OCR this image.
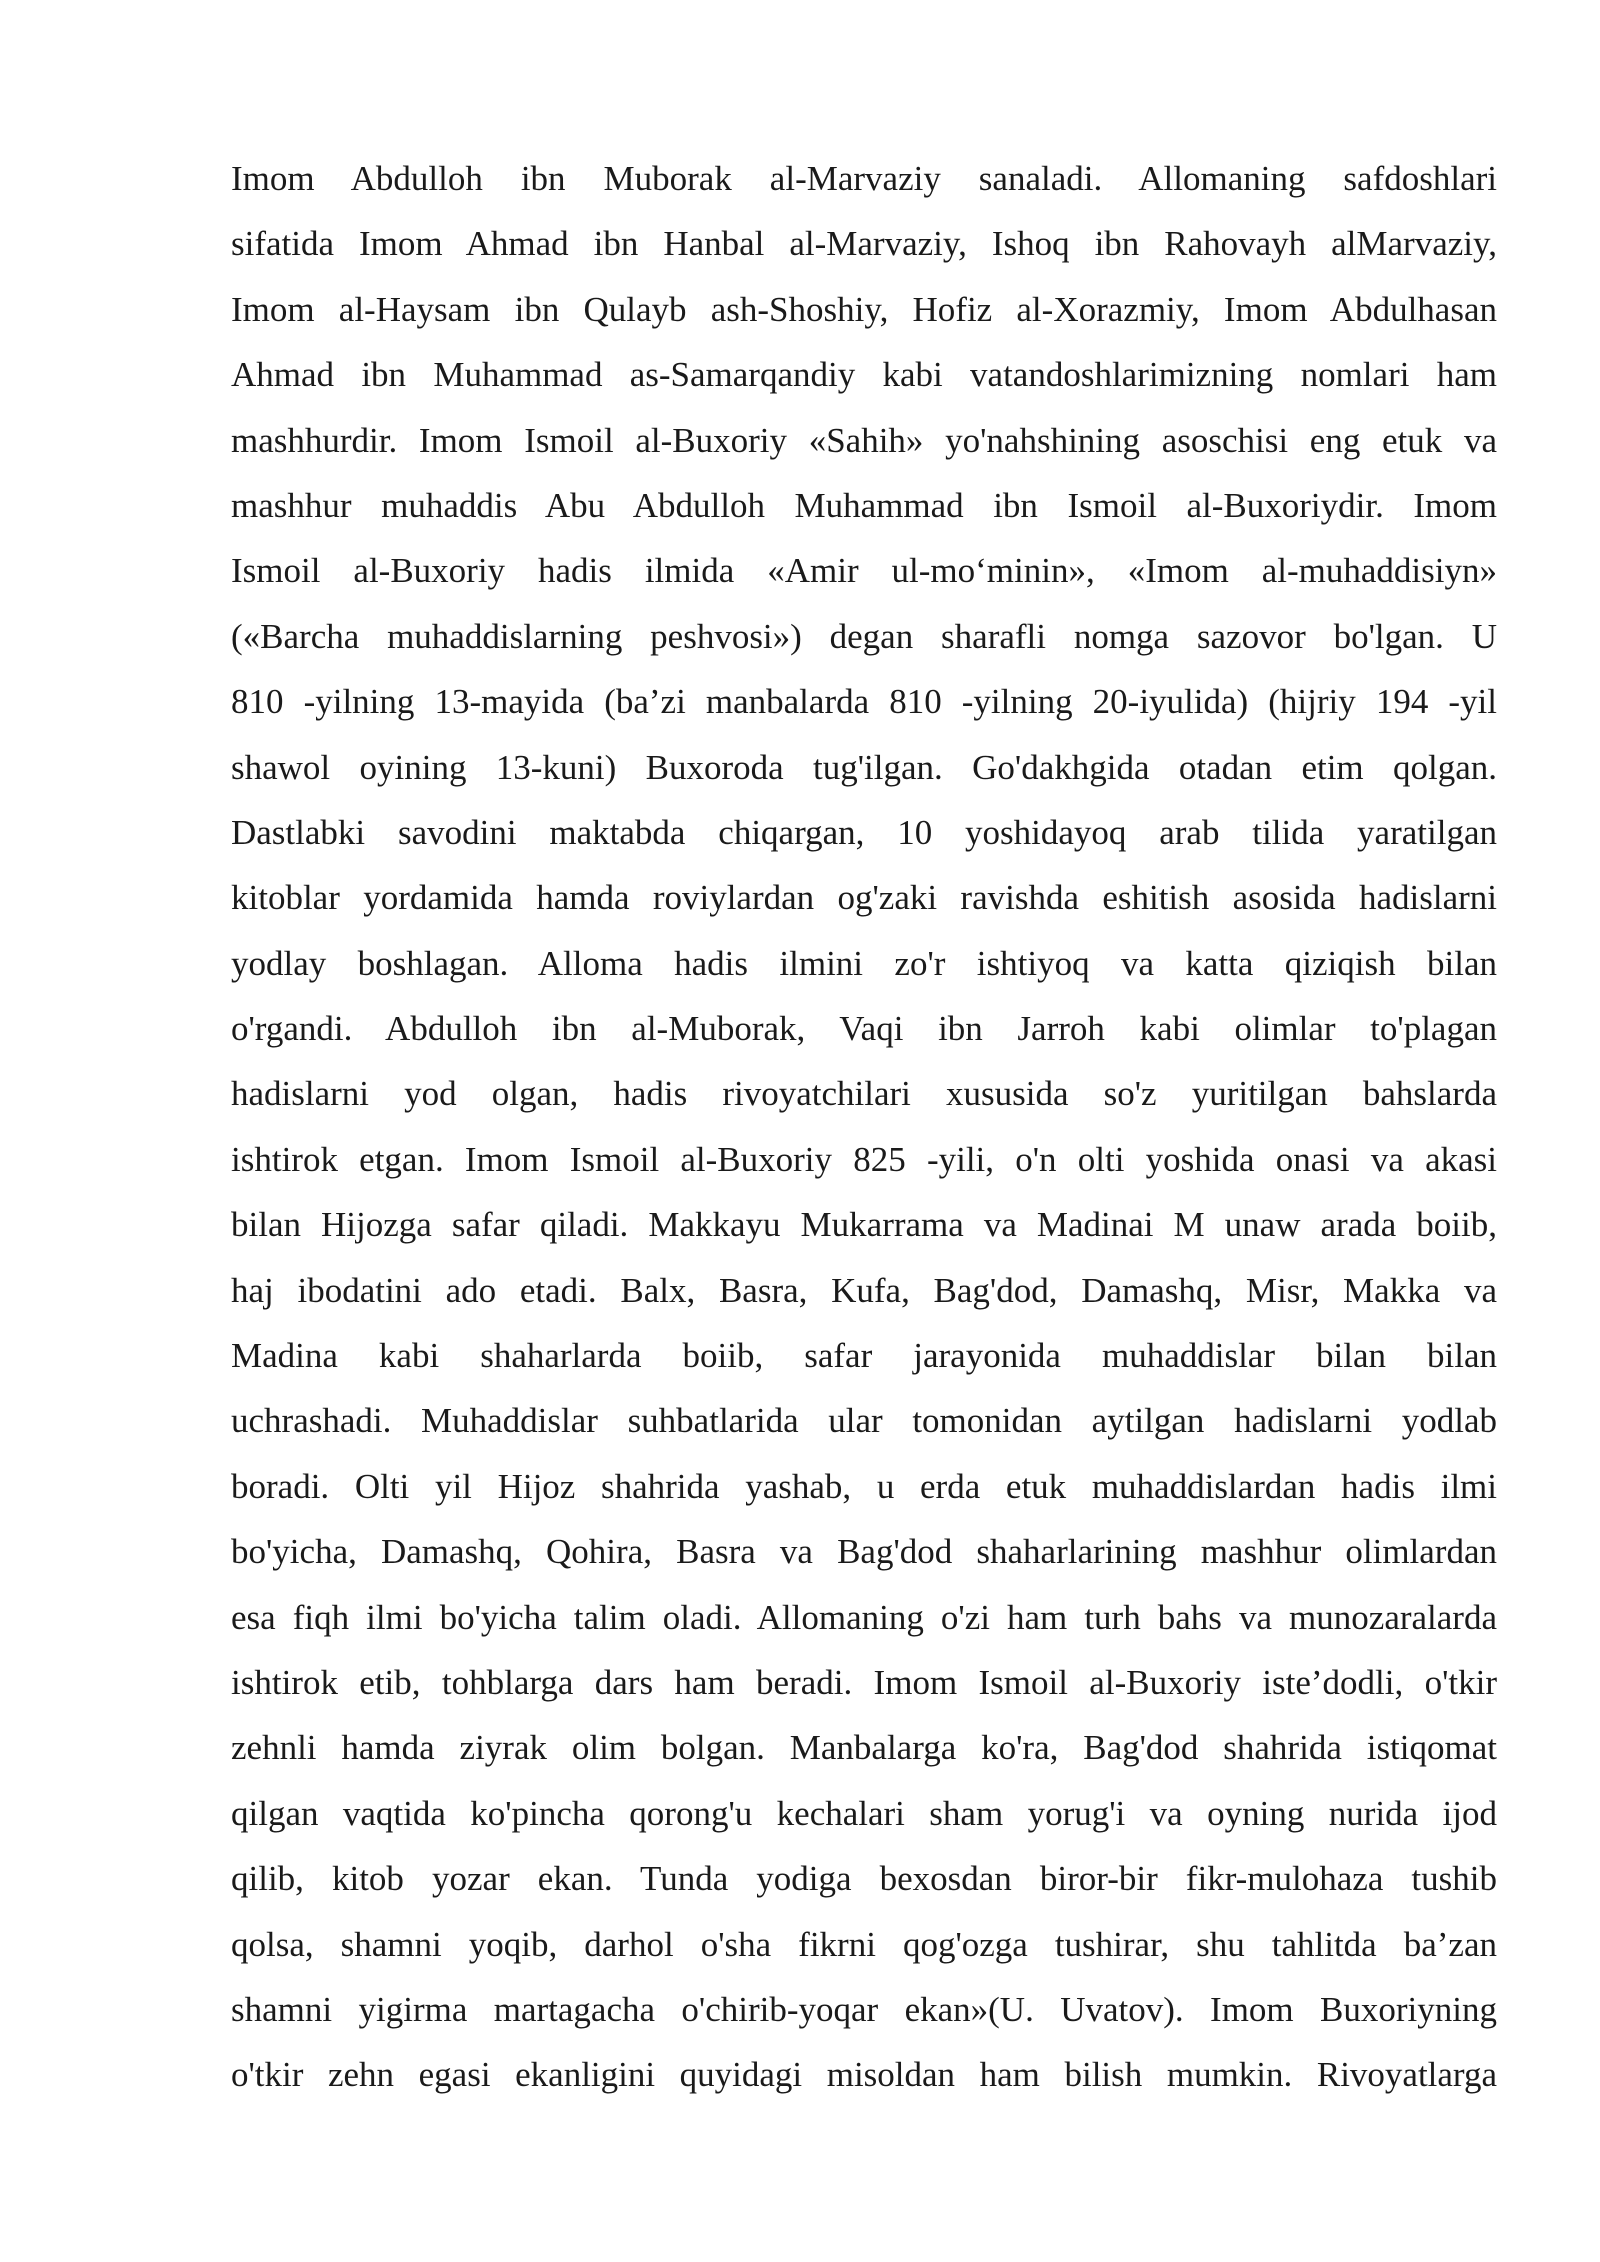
Imom Abdulloh ibn Muborak al-Marvaziy sanaladi. Allomaning safdoshlari
sifatida Imom Ahmad ibn Hanbal al-Marvaziy, Ishoq ibn Rahovayh alMarvaziy,
Imom al-Haysam ibn Qulayb ash-Shoshiy, Hofiz al-Xorazmiy, Imom Abdulhasan
Ahmad ibn Muhammad as-Samarqandiy kabi vatandoshlarimizning nomlari ham
mashhurdir. Imom Ismoil al-Buxoriy «Sahih» yo'nahshining asoschisi eng etuk va
mashhur muhaddis Abu Abdulloh Muhammad ibn Ismoil al-Buxoriydir. Imom
Ismoil al-Buxoriy hadis ilmida «Amir ul-mo‘minin», «Imom al-muhaddisiyn»
(«Barcha muhaddislarning peshvosi») degan sharafli nomga sazovor bo'lgan. U
810 -yilning 13-mayida (ba’zi manbalarda 810 -yilning 20-iyulida) (hijriy 194 -yil
shawol oyining 13-kuni) Buxoroda tug'ilgan. Go'dakhgida otadan etim qolgan.
Dastlabki savodini maktabda chiqargan, 10 yoshidayoq arab tilida yaratilgan
kitoblar yordamida hamda roviylardan og'zaki ravishda eshitish asosida hadislarni
yodlay boshlagan. Alloma hadis ilmini zo'r ishtiyoq va katta qiziqish bilan
o'rgandi. Abdulloh ibn al-Muborak, Vaqi ibn Jarroh kabi olimlar to'plagan
hadislarni yod olgan, hadis rivoyatchilari xususida so'z yuritilgan bahslarda
ishtirok etgan. Imom Ismoil al-Buxoriy 825 -yili, o'n olti yoshida onasi va akasi
bilan Hijozga safar qiladi. Makkayu Mukarrama va Madinai M unaw arada boiib,
haj ibodatini ado etadi. Balx, Basra, Kufa, Bag'dod, Damashq, Misr, Makka va
Madina kabi shaharlarda boiib, safar jarayonida muhaddislar bilan bilan
uchrashadi. Muhaddislar suhbatlarida ular tomonidan aytilgan hadislarni yodlab
boradi. Olti yil Hijoz shahrida yashab, u erda etuk muhaddislardan hadis ilmi
bo'yicha, Damashq, Qohira, Basra va Bag'dod shaharlarining mashhur olimlardan
esa fiqh ilmi bo'yicha talim oladi. Allomaning o'zi ham turh bahs va munozaralarda
ishtirok etib, tohblarga dars ham beradi. Imom Ismoil al-Buxoriy iste’dodli, o'tkir
zehnli hamda ziyrak olim bolgan. Manbalarga ko'ra, Bag'dod shahrida istiqomat
qilgan vaqtida ko'pincha qorong'u kechalari sham yorug'i va oyning nurida ijod
qilib, kitob yozar ekan. Tunda yodiga bexosdan biror-bir fikr-mulohaza tushib
qolsa, shamni yoqib, darhol o'sha fikrni qog'ozga tushirar, shu tahlitda ba’zan
shamni yigirma martagacha o'chirib-yoqar ekan»(U. Uvatov). Imom Buxoriyning
o'tkir zehn egasi ekanligini quyidagi misoldan ham bilish mumkin. Rivoyatlarga
